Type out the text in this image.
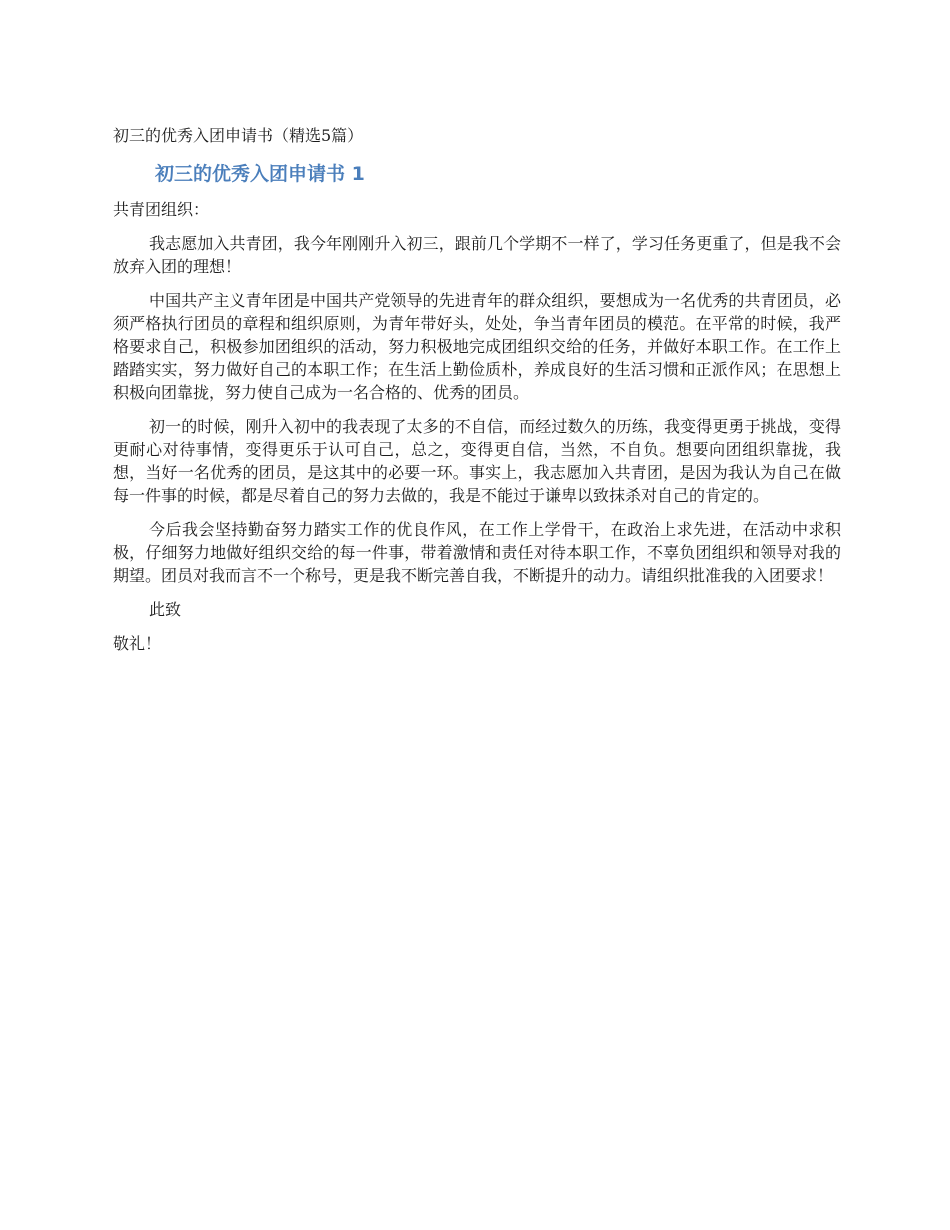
初三的优秀入团申请书（精选5篇）

初三的优秀入团申请书 1

共青团组织：

我志愿加入共青团，我今年刚刚升入初三，跟前几个学期不一样了，学习任务更重了，但是我不会放弃入团的理想！

中国共产主义青年团是中国共产党领导的先进青年的群众组织，要想成为一名优秀的共青团员，必须严格执行团员的章程和组织原则，为青年带好头，处处，争当青年团员的模范。在平常的时候，我严格要求自己，积极参加团组织的活动，努力积极地完成团组织交给的任务，并做好本职工作。在工作上踏踏实实，努力做好自己的本职工作；在生活上勤俭质朴，养成良好的生活习惯和正派作风；在思想上积极向团靠拢，努力使自己成为一名合格的、优秀的团员。

初一的时候，刚升入初中的我表现了太多的不自信，而经过数久的历练，我变得更勇于挑战，变得更耐心对待事情，变得更乐于认可自己，总之，变得更自信，当然，不自负。想要向团组织靠拢，我想，当好一名优秀的团员，是这其中的必要一环。事实上，我志愿加入共青团，是因为我认为自己在做每一件事的时候，都是尽着自己的努力去做的，我是不能过于谦卑以致抹杀对自己的肯定的。

今后我会坚持勤奋努力踏实工作的优良作风，在工作上学骨干，在政治上求先进，在活动中求积极，仔细努力地做好组织交给的每一件事，带着激情和责任对待本职工作，不辜负团组织和领导对我的期望。团员对我而言不一个称号，更是我不断完善自我，不断提升的动力。请组织批准我的入团要求！

此致

敬礼！
